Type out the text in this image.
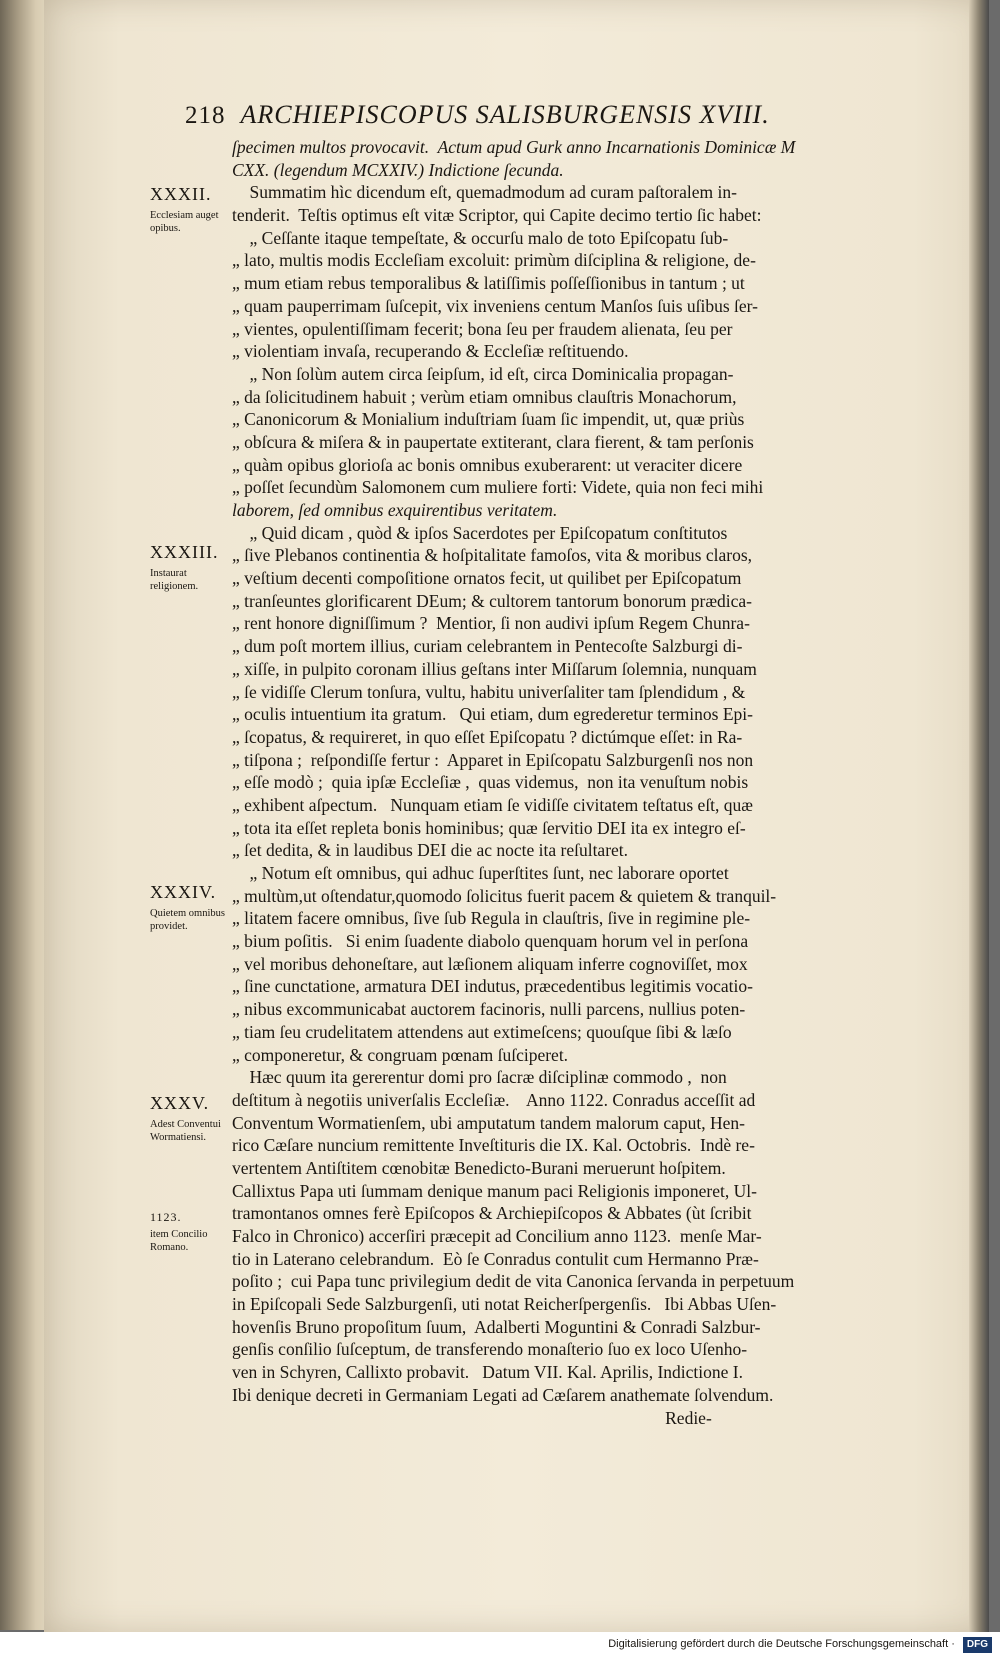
218 ARCHIEPISCOPUS SALISBURGENSIS XVIII.
XXXII.
Ecclesiam auget opibus.
XXXIII.
Instaurat religionem.
XXXIV.
Quietem omnibus providet.
XXXV.
Adest Conventui Wormatiensi.
1123.
item Concilio Romano.
ſpecimen multos provocavit.  Actum apud Gurk anno Incarnationis Dominicæ M
CXX. (legendum MCXXIV.) Indictione ſecunda.
Summatim hìc dicendum eſt, quemadmodum ad curam paſtoralem in-
tenderit.  Teſtis optimus eſt vitæ Scriptor, qui Capite decimo tertio ſic habet:
„ Ceſſante itaque tempeſtate, & occurſu malo de toto Epiſcopatu ſub-
„ lato, multis modis Eccleſiam excoluit: primùm diſciplina & religione, de-
„ mum etiam rebus temporalibus & latiſſimis poſſeſſionibus in tantum ; ut
„ quam pauperrimam ſuſcepit, vix inveniens centum Manſos ſuis uſibus ſer-
„ vientes, opulentiſſimam fecerit; bona ſeu per fraudem alienata, ſeu per
„ violentiam invaſa, recuperando & Eccleſiæ reſtituendo.
„ Non ſolùm autem circa ſeipſum, id eſt, circa Dominicalia propagan-
„ da ſolicitudinem habuit ; verùm etiam omnibus clauſtris Monachorum,
„ Canonicorum & Monialium induſtriam ſuam ſic impendit, ut, quæ priùs
„ obſcura & miſera & in paupertate extiterant, clara fierent, & tam perſonis
„ quàm opibus glorioſa ac bonis omnibus exuberarent: ut veraciter dicere
„ poſſet ſecundùm Salomonem cum muliere forti: Videte, quia non feci mihi
laborem, ſed omnibus exquirentibus veritatem.
„ Quid dicam , quòd & ipſos Sacerdotes per Epiſcopatum conſtitutos
„ ſive Plebanos continentia & hoſpitalitate famoſos, vita & moribus claros,
„ veſtium decenti compoſitione ornatos fecit, ut quilibet per Epiſcopatum
„ tranſeuntes glorificarent DEum; & cultorem tantorum bonorum prædica-
„ rent honore digniſſimum ?  Mentior, ſi non audivi ipſum Regem Chunra-
„ dum poſt mortem illius, curiam celebrantem in Pentecoſte Salzburgi di-
„ xiſſe, in pulpito coronam illius geſtans inter Miſſarum ſolemnia, nunquam
„ ſe vidiſſe Clerum tonſura, vultu, habitu univerſaliter tam ſplendidum , &
„ oculis intuentium ita gratum.   Qui etiam, dum egrederetur terminos Epi-
„ ſcopatus, & requireret, in quo eſſet Epiſcopatu ? dictúmque eſſet: in Ra-
„ tiſpona ;  reſpondiſſe fertur :  Apparet in Epiſcopatu Salzburgenſi nos non
„ eſſe modò ;  quia ipſæ Eccleſiæ ,  quas videmus,  non ita venuſtum nobis
„ exhibent aſpectum.   Nunquam etiam ſe vidiſſe civitatem teſtatus eſt, quæ
„ tota ita eſſet repleta bonis hominibus; quæ ſervitio DEI ita ex integro eſ-
„ ſet dedita, & in laudibus DEI die ac nocte ita reſultaret.
„ Notum eſt omnibus, qui adhuc ſuperſtites ſunt, nec laborare oportet
„ multùm,ut oſtendatur,quomodo ſolicitus fuerit pacem & quietem & tranquil-
„ litatem facere omnibus, ſive ſub Regula in clauſtris, ſive in regimine ple-
„ bium poſitis.   Si enim ſuadente diabolo quenquam horum vel in perſona
„ vel moribus dehoneſtare, aut læſionem aliquam inferre cognoviſſet, mox
„ ſine cunctatione, armatura DEI indutus, præcedentibus legitimis vocatio-
„ nibus excommunicabat auctorem facinoris, nulli parcens, nullius poten-
„ tiam ſeu crudelitatem attendens aut extimeſcens; quouſque ſibi & læſo
„ componeretur, & congruam pœnam ſuſciperet.
Hæc quum ita gererentur domi pro ſacræ diſciplinæ commodo ,  non
deſtitum à negotiis univerſalis Eccleſiæ.    Anno 1122. Conradus acceſſit ad
Conventum Wormatienſem, ubi amputatum tandem malorum caput, Hen-
rico Cæſare nuncium remittente Inveſtituris die IX. Kal. Octobris.  Indè re-
vertentem Antiſtitem cœnobitæ Benedicto-Burani meruerunt hoſpitem.
Callixtus Papa uti ſummam denique manum paci Religionis imponeret, Ul-
tramontanos omnes ferè Epiſcopos & Archiepiſcopos & Abbates (ùt ſcribit
Falco in Chronico) accerſiri præcepit ad Concilium anno 1123.  menſe Mar-
tio in Laterano celebrandum.  Eò ſe Conradus contulit cum Hermanno Præ-
poſito ;  cui Papa tunc privilegium dedit de vita Canonica ſervanda in perpetuum
in Epiſcopali Sede Salzburgenſi, uti notat Reicherſpergenſis.   Ibi Abbas Uſen-
hovenſis Bruno propoſitum ſuum,  Adalberti Moguntini & Conradi Salzbur-
genſis conſilio ſuſceptum, de transferendo monaſterio ſuo ex loco Uſenho-
ven in Schyren, Callixto probavit.   Datum VII. Kal. Aprilis, Indictione I.
Ibi denique decreti in Germaniam Legati ad Cæſarem anathemate ſolvendum.
Redie-
Digitalisierung gefördert durch die Deutsche Forschungsgemeinschaft · DFG
